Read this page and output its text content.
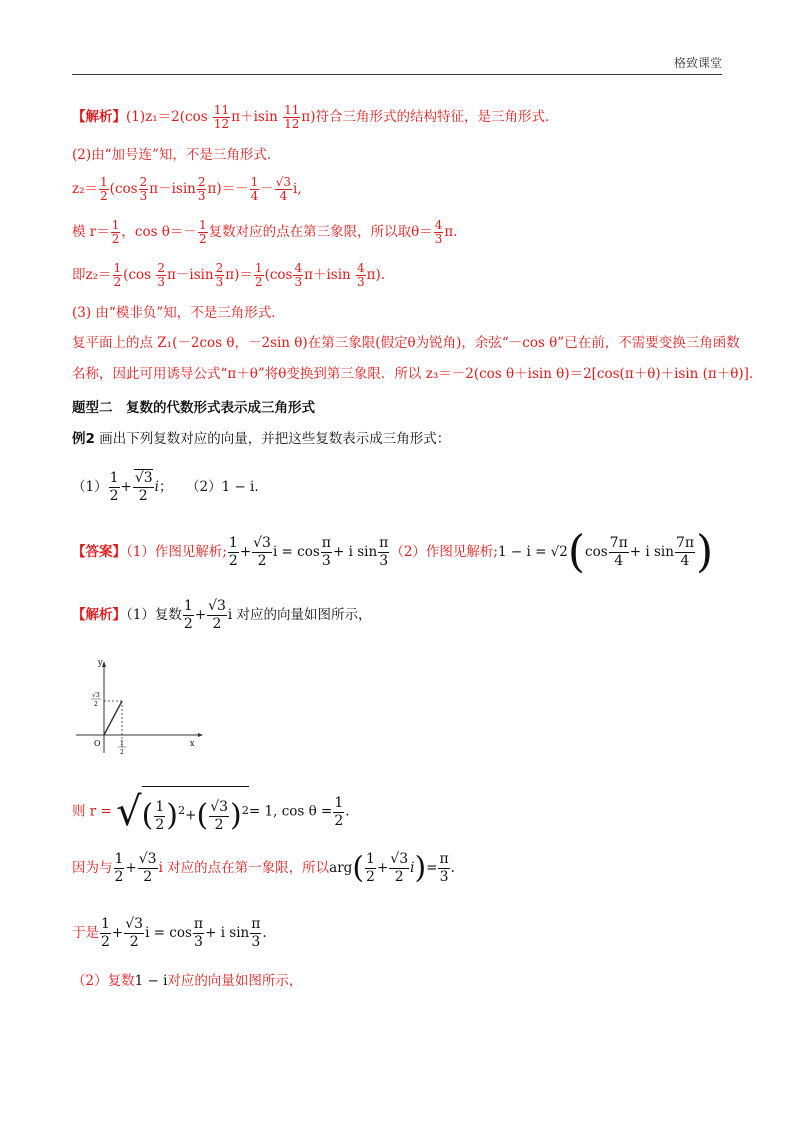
格致课堂
【解析】$(1)z_1=2(\cos \frac{11}{12} \pi+isin \frac{11}{12} \pi)$符合三角形式的结构特征，是三角形式．
(2)由“加号连”知，不是三角形式．
$z_2= \frac{1}{2} (\cos \frac{2}{3} \pi-isin \frac{2}{3} \pi)=- \frac{1}{4} - \frac{√3}{4} i$,
模 $r= \frac{1}{2}$ ，$\cos \theta=- \frac{1}{2}$ 复数对应的点在第三象限，所以取$\theta= \frac{4}{3} \pi$.
即$z_2= \frac{1}{2} (\cos \frac{2}{3} \pi-isin \frac{2}{3} \pi)= \frac{1}{2} (\cos \frac{4}{3} \pi+isin \frac{4}{3} \pi)$.
(3) 由“模非负”知，不是三角形式．
复平面上的点 Z₁(－2cos θ，－2sin θ)在第三象限(假定θ为锐角)，余弦“－cos θ”已在前，不需要变换三角函数
名称，因此可用诱导公式“π＋θ”将θ变换到第三象限．所以 z₃＝－2(cos θ＋isin θ)＝2[cos(π＋θ)＋isin (π＋θ)].
题型二　复数的代数形式表示成三角形式
例2 画出下列复数对应的向量，并把这些复数表示成三角形式：
$(1) \frac{1}{2} + \frac{√3}{2}$ i；　　（2）1 − i.
【答案】（1）作图见解析; $\frac{1}{2} + \frac{√3}{2}$ $i = \cos \frac{\pi}{3} + i$ $\sin \frac{\pi}{3} (2)$作图见解析;1 − $i = √2(\cos \frac{7\pi}{4} + i$ $\sin \frac{7\pi}{4}$ )
【解析】（1）复数 $\frac{1}{2} + \frac{√3}{2}$ i 对应的向量如图所示，
y
x
O
√3
2
1
2
则 r = √( $\frac{1}{2} )^2+( \frac{√3}{2} )^2= 1$, $\cos \theta = \frac{1}{2}$ .
因为与 $\frac{1}{2} + \frac{√3}{2}$ i 对应的点在第一象限，所以$arg( \frac{1}{2} + \frac{√3}{2} i)= \frac{\pi}{3}$ .
于是 $\frac{1}{2} + \frac{√3}{2}$ $i = \cos \frac{\pi}{3} + i$ $\sin \frac{\pi}{3}$ .
（2）复数1 − i对应的向量如图所示，
